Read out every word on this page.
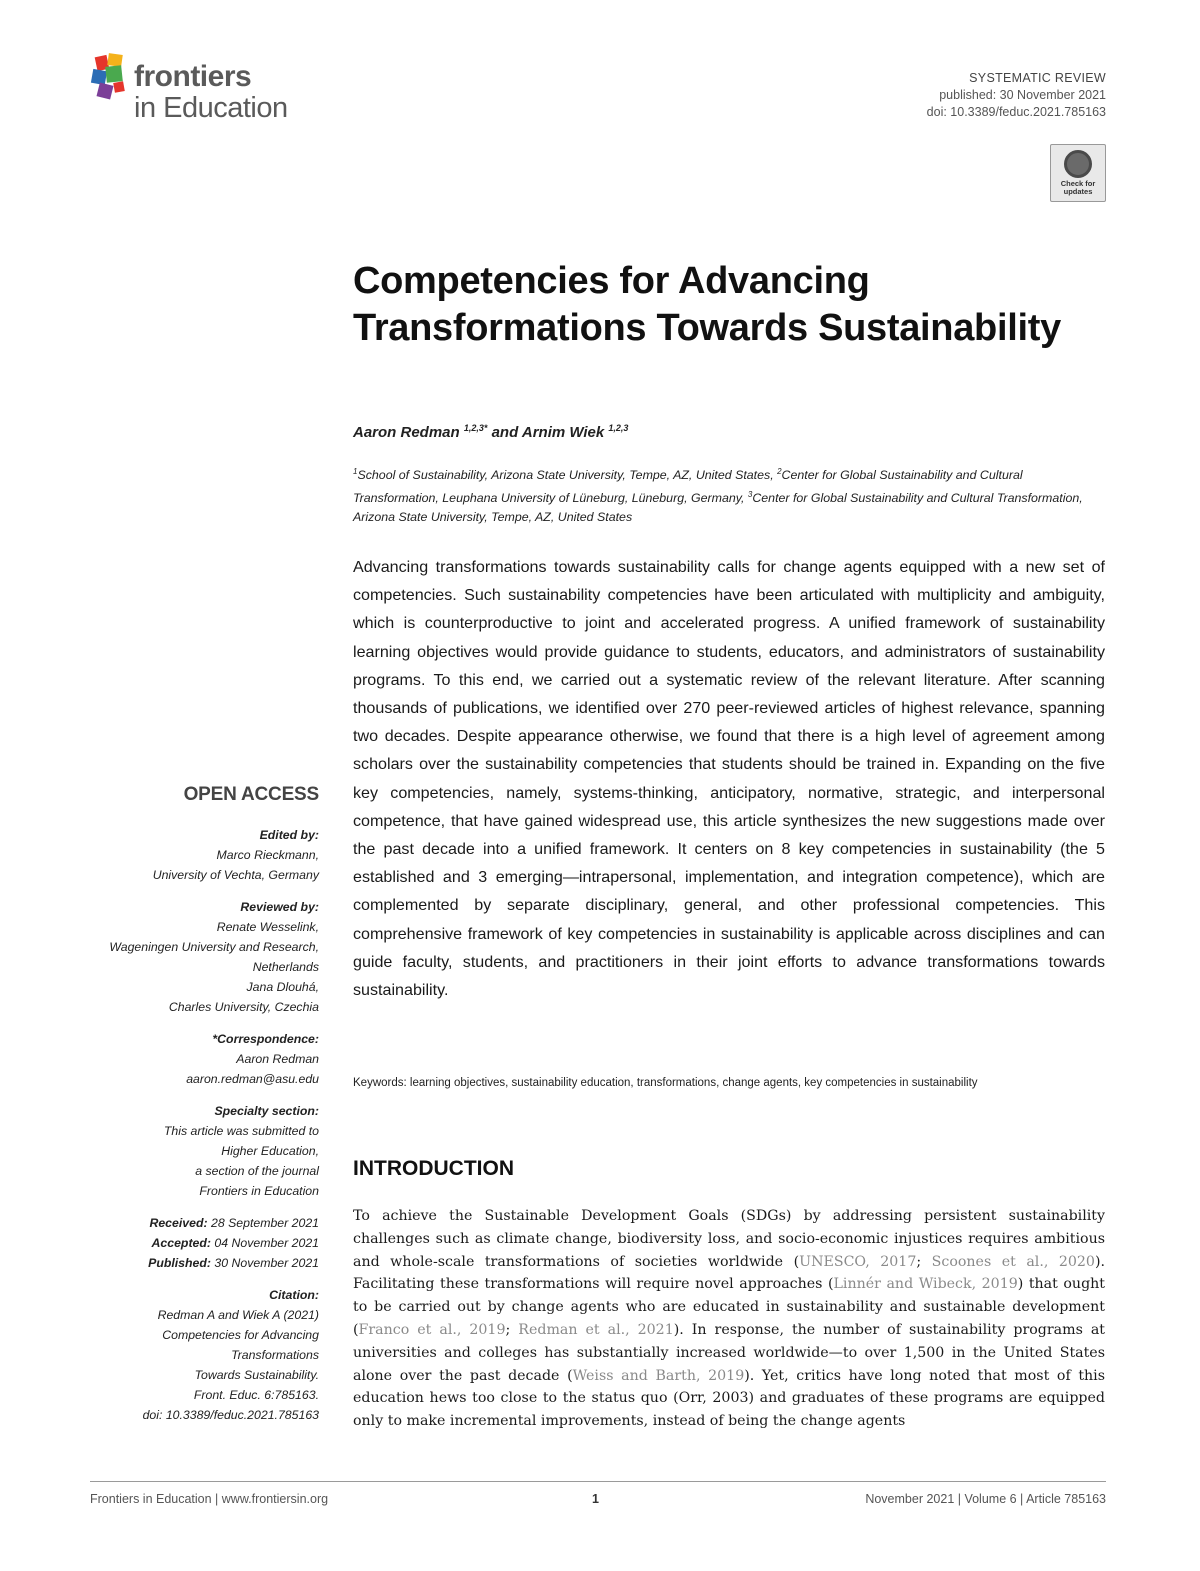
frontiers
in Education
SYSTEMATIC REVIEW
published: 30 November 2021
doi: 10.3389/feduc.2021.785163
Check for updates
Competencies for Advancing Transformations Towards Sustainability
Aaron Redman $^{1,2,3*}$ and Arnim Wiek $^{1,2,3}$
$^1$School of Sustainability, Arizona State University, Tempe, AZ, United States, $^2$Center for Global Sustainability and Cultural Transformation, Leuphana University of Lüneburg, Lüneburg, Germany, $^3$Center for Global Sustainability and Cultural Transformation, Arizona State University, Tempe, AZ, United States
Advancing transformations towards sustainability calls for change agents equipped with a new set of competencies. Such sustainability competencies have been articulated with multiplicity and ambiguity, which is counterproductive to joint and accelerated progress. A unified framework of sustainability learning objectives would provide guidance to students, educators, and administrators of sustainability programs. To this end, we carried out a systematic review of the relevant literature. After scanning thousands of publications, we identified over 270 peer-reviewed articles of highest relevance, spanning two decades. Despite appearance otherwise, we found that there is a high level of agreement among scholars over the sustainability competencies that students should be trained in. Expanding on the five key competencies, namely, systems-thinking, anticipatory, normative, strategic, and interpersonal competence, that have gained widespread use, this article synthesizes the new suggestions made over the past decade into a unified framework. It centers on 8 key competencies in sustainability (the 5 established and 3 emerging—intrapersonal, implementation, and integration competence), which are complemented by separate disciplinary, general, and other professional competencies. This comprehensive framework of key competencies in sustainability is applicable across disciplines and can guide faculty, students, and practitioners in their joint efforts to advance transformations towards sustainability.
Keywords: learning objectives, sustainability education, transformations, change agents, key competencies in sustainability
INTRODUCTION
To achieve the Sustainable Development Goals (SDGs) by addressing persistent sustainability challenges such as climate change, biodiversity loss, and socio-economic injustices requires ambitious and whole-scale transformations of societies worldwide (UNESCO, 2017; Scoones et al., 2020). Facilitating these transformations will require novel approaches (Linnér and Wibeck, 2019) that ought to be carried out by change agents who are educated in sustainability and sustainable development (Franco et al., 2019; Redman et al., 2021). In response, the number of sustainability programs at universities and colleges has substantially increased worldwide—to over 1,500 in the United States alone over the past decade (Weiss and Barth, 2019). Yet, critics have long noted that most of this education hews too close to the status quo (Orr, 2003) and graduates of these programs are equipped only to make incremental improvements, instead of being the change agents
OPEN ACCESS
Edited by:
Marco Rieckmann,
University of Vechta, Germany
Reviewed by:
Renate Wesselink,
Wageningen University and Research,
Netherlands
Jana Dlouhá,
Charles University, Czechia
*Correspondence:
Aaron Redman
aaron.redman@asu.edu
Specialty section:
This article was submitted to
Higher Education,
a section of the journal
Frontiers in Education
Received: 28 September 2021
Accepted: 04 November 2021
Published: 30 November 2021
Citation:
Redman A and Wiek A (2021)
Competencies for Advancing
Transformations
Towards Sustainability.
Front. Educ. 6:785163.
doi: 10.3389/feduc.2021.785163
Frontiers in Education | www.frontiersin.org	1	November 2021 | Volume 6 | Article 785163
